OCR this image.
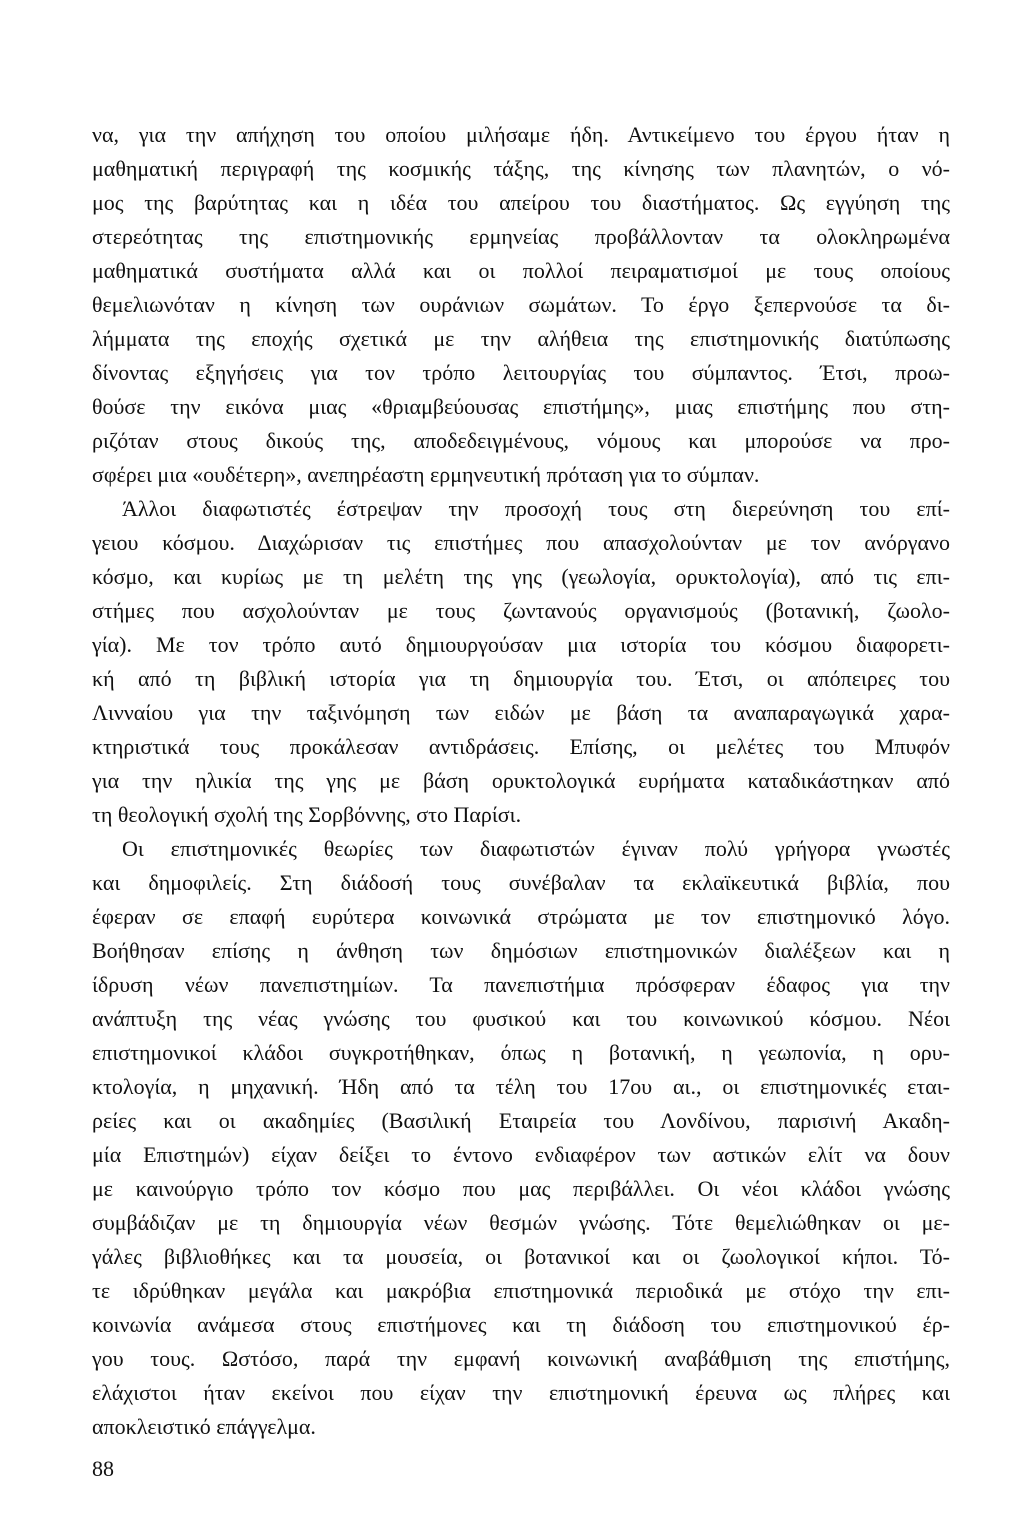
να, για την απήχηση του οποίου μιλήσαμε ήδη. Αντικείμενο του έργου ήταν η
μαθηματική περιγραφή της κοσμικής τάξης, της κίνησης των πλανητών, ο νό-
μος της βαρύτητας και η ιδέα του απείρου του διαστήματος. Ως εγγύηση της
στερεότητας της επιστημονικής ερμηνείας προβάλλονταν τα ολοκληρωμένα
μαθηματικά συστήματα αλλά και οι πολλοί πειραματισμοί με τους οποίους
θεμελιωνόταν η κίνηση των ουράνιων σωμάτων. Το έργο ξεπερνούσε τα δι-
λήμματα της εποχής σχετικά με την αλήθεια της επιστημονικής διατύπωσης
δίνοντας εξηγήσεις για τον τρόπο λειτουργίας του σύμπαντος. Έτσι, προω-
θούσε την εικόνα μιας «θριαμβεύουσας επιστήμης», μιας επιστήμης που στη-
ριζόταν στους δικούς της, αποδεδειγμένους, νόμους και μπορούσε να προ-
σφέρει μια «ουδέτερη», ανεπηρέαστη ερμηνευτική πρόταση για το σύμπαν.
Άλλοι διαφωτιστές έστρεψαν την προσοχή τους στη διερεύνηση του επί-
γειου κόσμου. Διαχώρισαν τις επιστήμες που απασχολούνταν με τον ανόργανο
κόσμο, και κυρίως με τη μελέτη της γης (γεωλογία, ορυκτολογία), από τις επι-
στήμες που ασχολούνταν με τους ζωντανούς οργανισμούς (βοτανική, ζωολο-
γία). Με τον τρόπο αυτό δημιουργούσαν μια ιστορία του κόσμου διαφορετι-
κή από τη βιβλική ιστορία για τη δημιουργία του. Έτσι, οι απόπειρες του
Λινναίου για την ταξινόμηση των ειδών με βάση τα αναπαραγωγικά χαρα-
κτηριστικά τους προκάλεσαν αντιδράσεις. Επίσης, οι μελέτες του Μπυφόν
για την ηλικία της γης με βάση ορυκτολογικά ευρήματα καταδικάστηκαν από
τη θεολογική σχολή της Σορβόννης, στο Παρίσι.
Οι επιστημονικές θεωρίες των διαφωτιστών έγιναν πολύ γρήγορα γνωστές
και δημοφιλείς. Στη διάδοσή τους συνέβαλαν τα εκλαϊκευτικά βιβλία, που
έφεραν σε επαφή ευρύτερα κοινωνικά στρώματα με τον επιστημονικό λόγο.
Βοήθησαν επίσης η άνθηση των δημόσιων επιστημονικών διαλέξεων και η
ίδρυση νέων πανεπιστημίων. Τα πανεπιστήμια πρόσφεραν έδαφος για την
ανάπτυξη της νέας γνώσης του φυσικού και του κοινωνικού κόσμου. Νέοι
επιστημονικοί κλάδοι συγκροτήθηκαν, όπως η βοτανική, η γεωπονία, η ορυ-
κτολογία, η μηχανική. Ήδη από τα τέλη του 17ου αι., οι επιστημονικές εται-
ρείες και οι ακαδημίες (Βασιλική Εταιρεία του Λονδίνου, παρισινή Ακαδη-
μία Επιστημών) είχαν δείξει το έντονο ενδιαφέρον των αστικών ελίτ να δουν
με καινούργιο τρόπο τον κόσμο που μας περιβάλλει. Οι νέοι κλάδοι γνώσης
συμβάδιζαν με τη δημιουργία νέων θεσμών γνώσης. Τότε θεμελιώθηκαν οι με-
γάλες βιβλιοθήκες και τα μουσεία, οι βοτανικοί και οι ζωολογικοί κήποι. Τό-
τε ιδρύθηκαν μεγάλα και μακρόβια επιστημονικά περιοδικά με στόχο την επι-
κοινωνία ανάμεσα στους επιστήμονες και τη διάδοση του επιστημονικού έρ-
γου τους. Ωστόσο, παρά την εμφανή κοινωνική αναβάθμιση της επιστήμης,
ελάχιστοι ήταν εκείνοι που είχαν την επιστημονική έρευνα ως πλήρες και
αποκλειστικό επάγγελμα.
88
